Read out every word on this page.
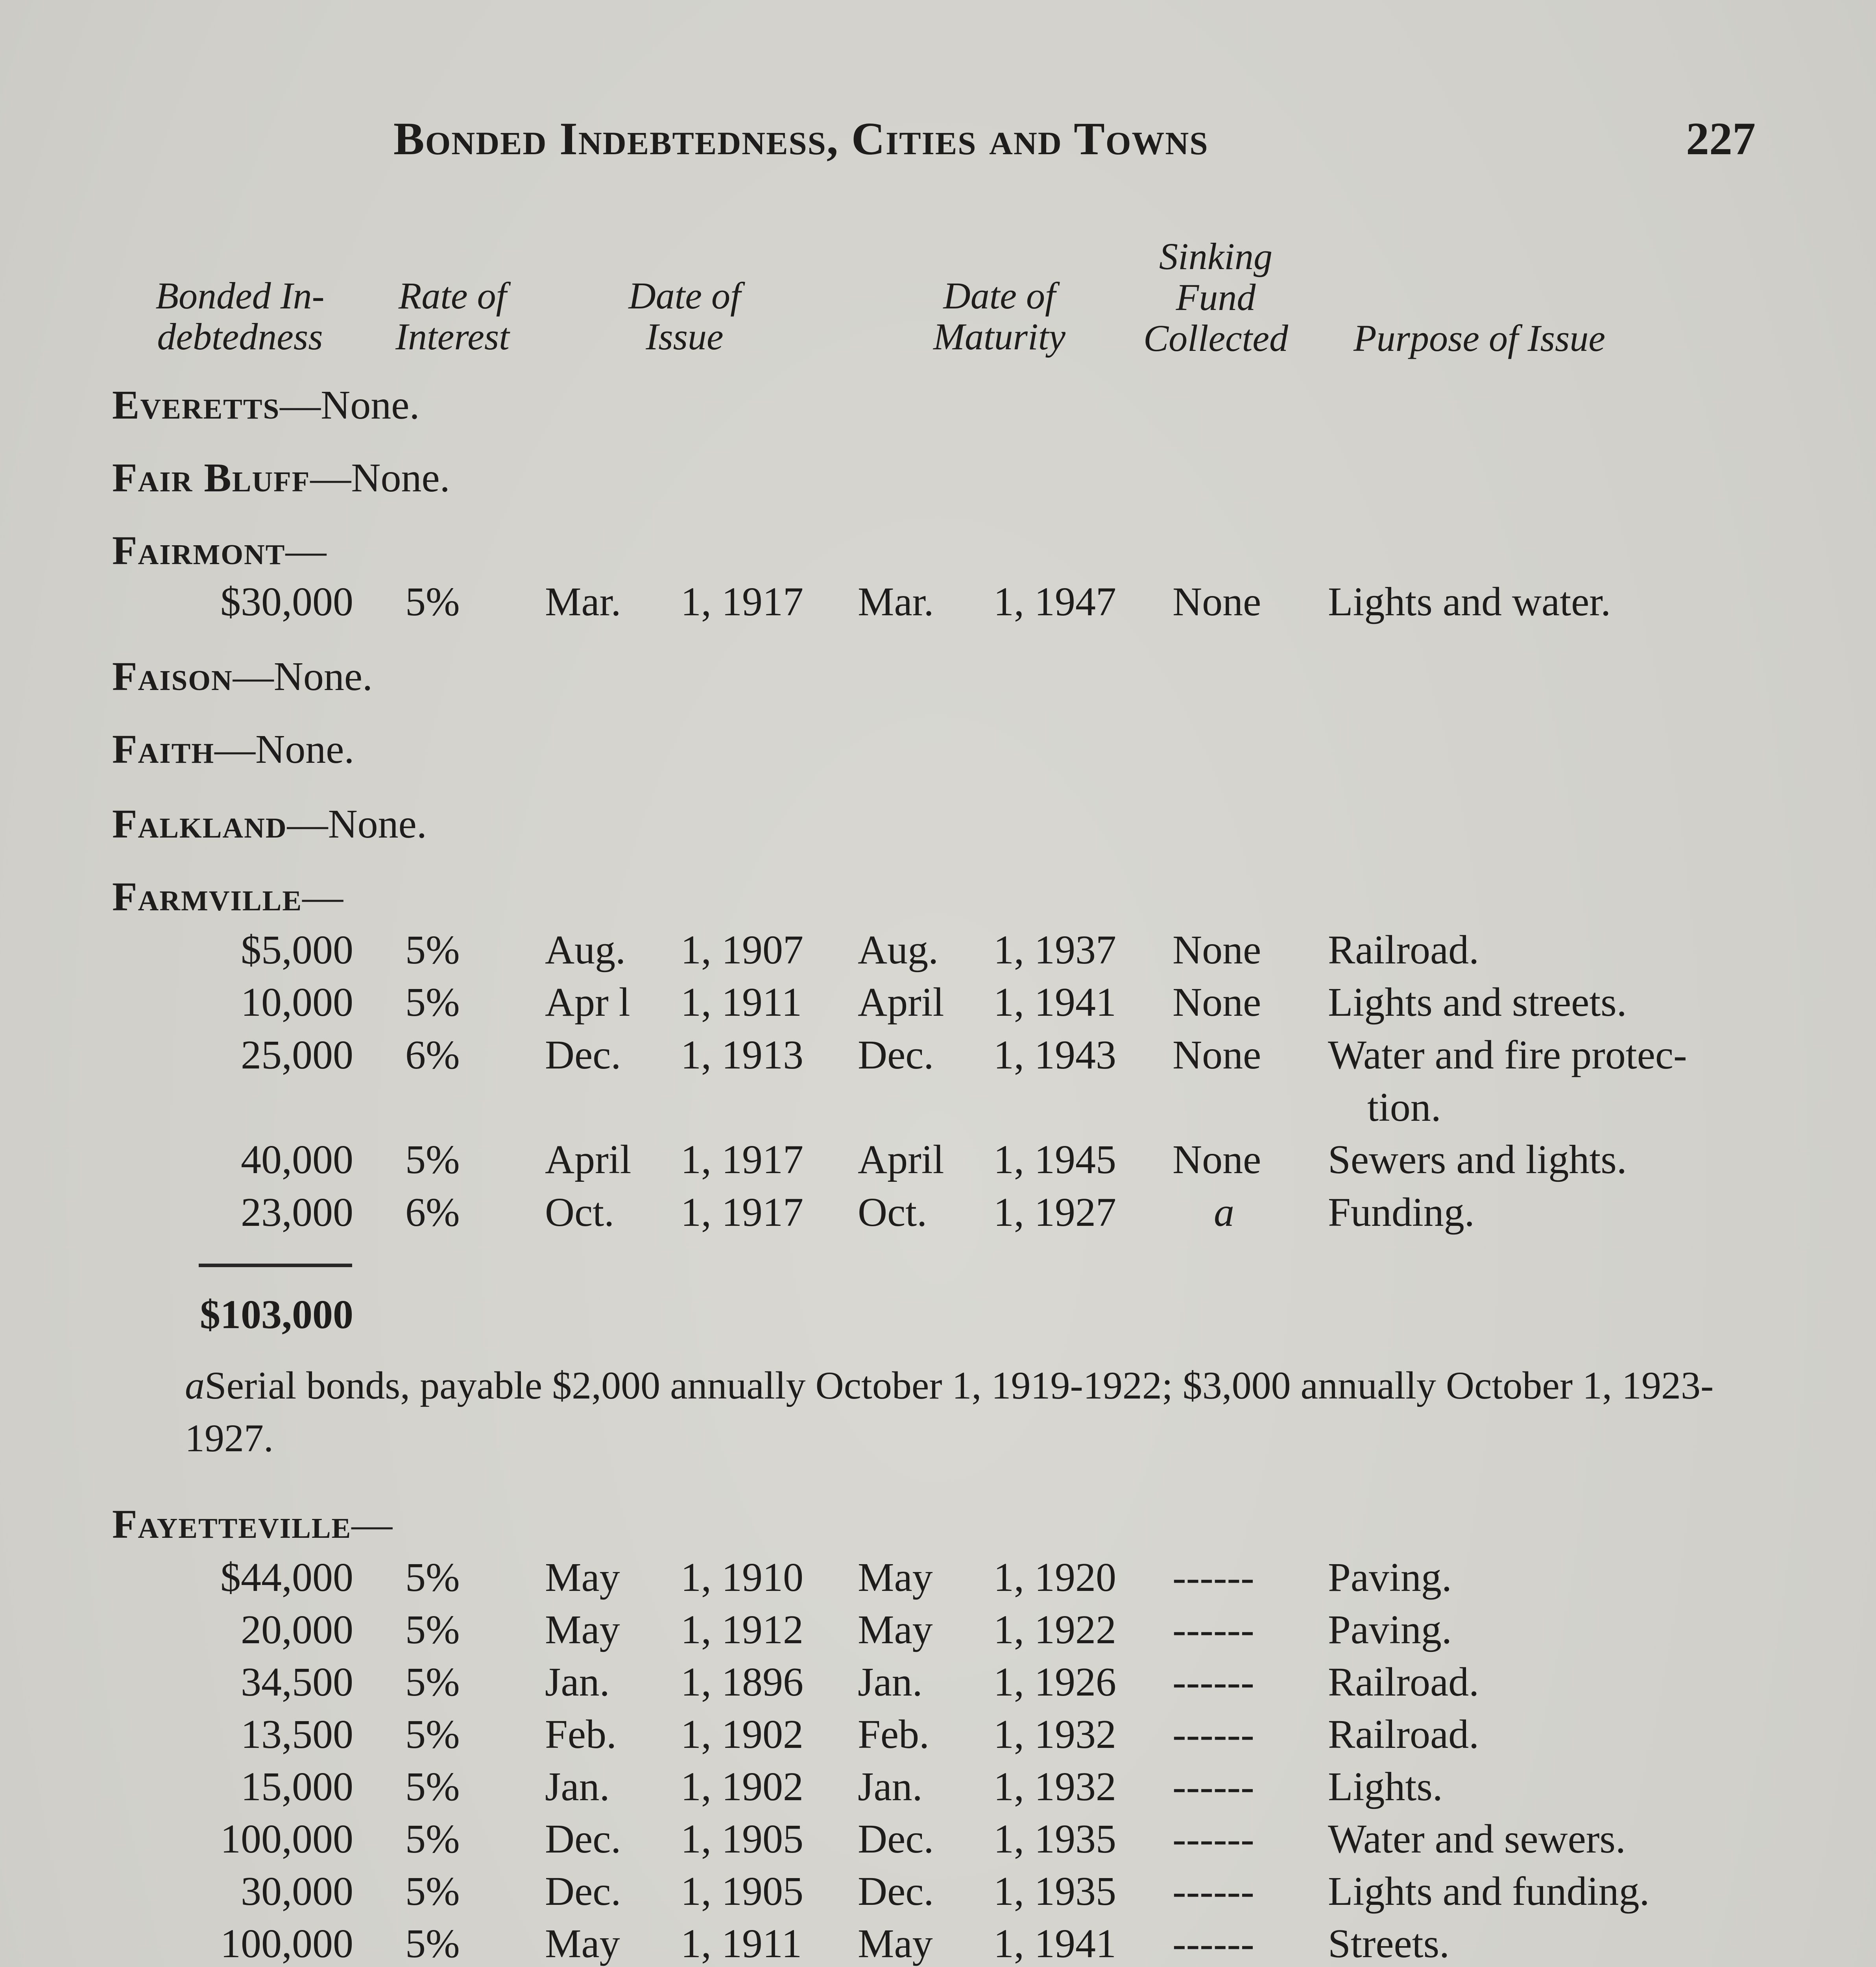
Bonded Indebtedness, Cities and Towns	227
Bonded In-
debtedness
Rate of
Interest
Date of
Issue
Date of
Maturity
Sinking
Fund
Collected	Purpose of Issue
Everetts—None.
Fair Bluff—None.
Fairmont—
$30,000 5% Mar. 1, 1917 Mar. 1, 1947 None Lights and water.
Faison—None.
Faith—None.
Falkland—None.
Farmville—
$5,000 5% Aug. 1, 1907 Aug. 1, 1937 None Railroad.
10,000 5% Apr l 1, 1911 April 1, 1941 None Lights and streets.
25,000 6% Dec. 1, 1913 Dec. 1, 1943 None Water and fire protec-
tion.
40,000 5% April 1, 1917 April 1, 1945 None Sewers and lights.
23,000 6% Oct. 1, 1917 Oct. 1, 1927 a Funding.
$103,000
aSerial bonds, payable $2,000 annually October 1, 1919-1922; $3,000 annually October 1, 1923-1927.
Fayetteville—
$44,000 5% May 1, 1910 May 1, 1920 ------ Paving.
20,000 5% May 1, 1912 May 1, 1922 ------ Paving.
34,500 5% Jan. 1, 1896 Jan. 1, 1926 ------ Railroad.
13,500 5% Feb. 1, 1902 Feb. 1, 1932 ------ Railroad.
15,000 5% Jan. 1, 1902 Jan. 1, 1932 ------ Lights.
100,000 5% Dec. 1, 1905 Dec. 1, 1935 ------ Water and sewers.
30,000 5% Dec. 1, 1905 Dec. 1, 1935 ------ Lights and funding.
100,000 5% May 1, 1911 May 1, 1941 ------ Streets.
